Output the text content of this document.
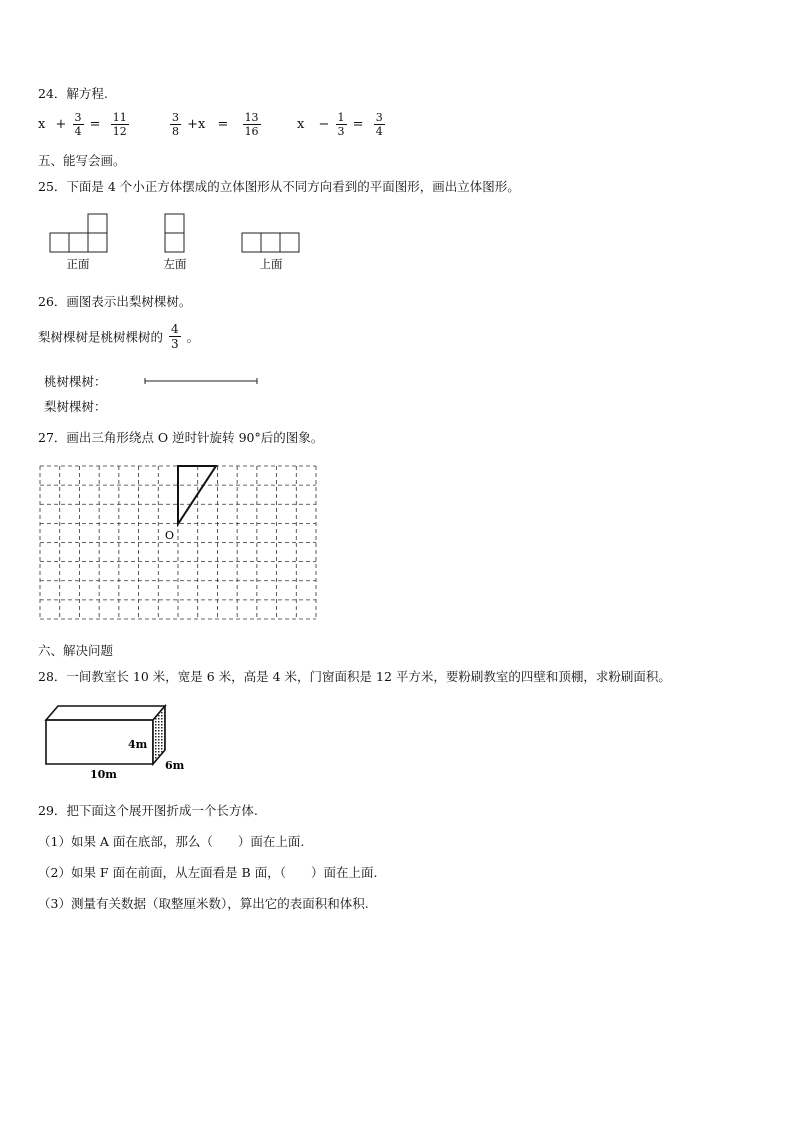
24．解方程.
$x + \frac{3}{4} = \frac{11}{12}$	$\frac{3}{8} +x = \frac{13}{16}$	$x - \frac{1}{3} = \frac{3}{4}$
五、能写会画。
25．下面是 4 个小正方体摆成的立体图形从不同方向看到的平面图形，画出立体图形。
正面	左面	上面
26．画图表示出梨树棵树。
梨树棵树是桃树棵树的 $\frac{4}{3}$ 。
桃树棵树：
梨树棵树：
27．画出三角形绕点 O 逆时针旋转 90°后的图象。
O
六、解决问题
28．一间教室长 10 米，宽是 6 米，高是 4 米，门窗面积是 12 平方米，要粉刷教室的四壁和顶棚，求粉刷面积。
4m
10m
6m
29．把下面这个展开图折成一个长方体.
（1）如果 A 面在底部，那么（　　）面在上面.
（2）如果 F 面在前面，从左面看是 B 面，（　　）面在上面.
（3）测量有关数据（取整厘米数），算出它的表面积和体积.
